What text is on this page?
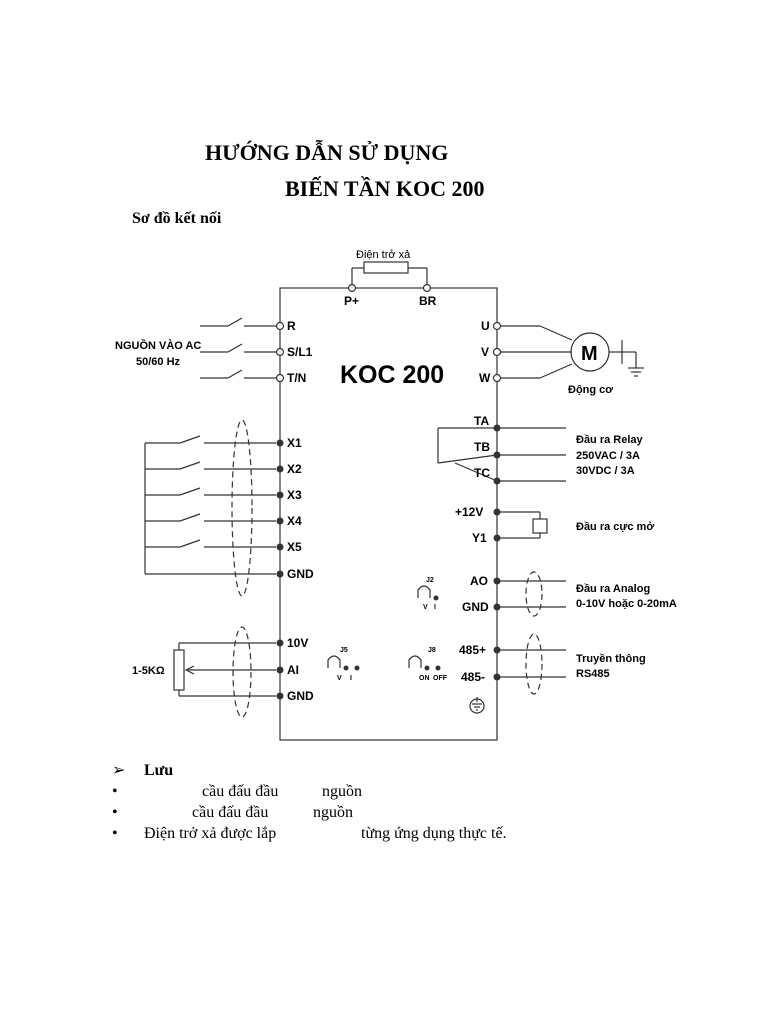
HƯỚNG DẪN SỬ DỤNG
BIẾN TẦN KOC 200
Sơ đồ kết nối
Điện trở xả
P+	BR
KOC 200
NGUỒN VÀO AC
50/60 Hz
R
S/L1
T/N
X1
X2
X3
X4
X5
GND
10V
AI
GND
1-5KΩ
U
V
W
M
Động cơ
TA
TB
TC
Đầu ra Relay
250VAC / 3A
30VDC / 3A
+12V
Y1
Đầu ra cực mở
AO
GND
Đầu ra Analog
0-10V hoặc 0-20mA
485+
485-
Truyền thông
RS485
J2
V I
J5
V I
J8
ON OFF
➢ Lưu
•	cầu đấu đầu	nguồn
•	cầu đấu đầu	nguồn
• Điện trở xả được lắp	từng ứng dụng thực tế.
